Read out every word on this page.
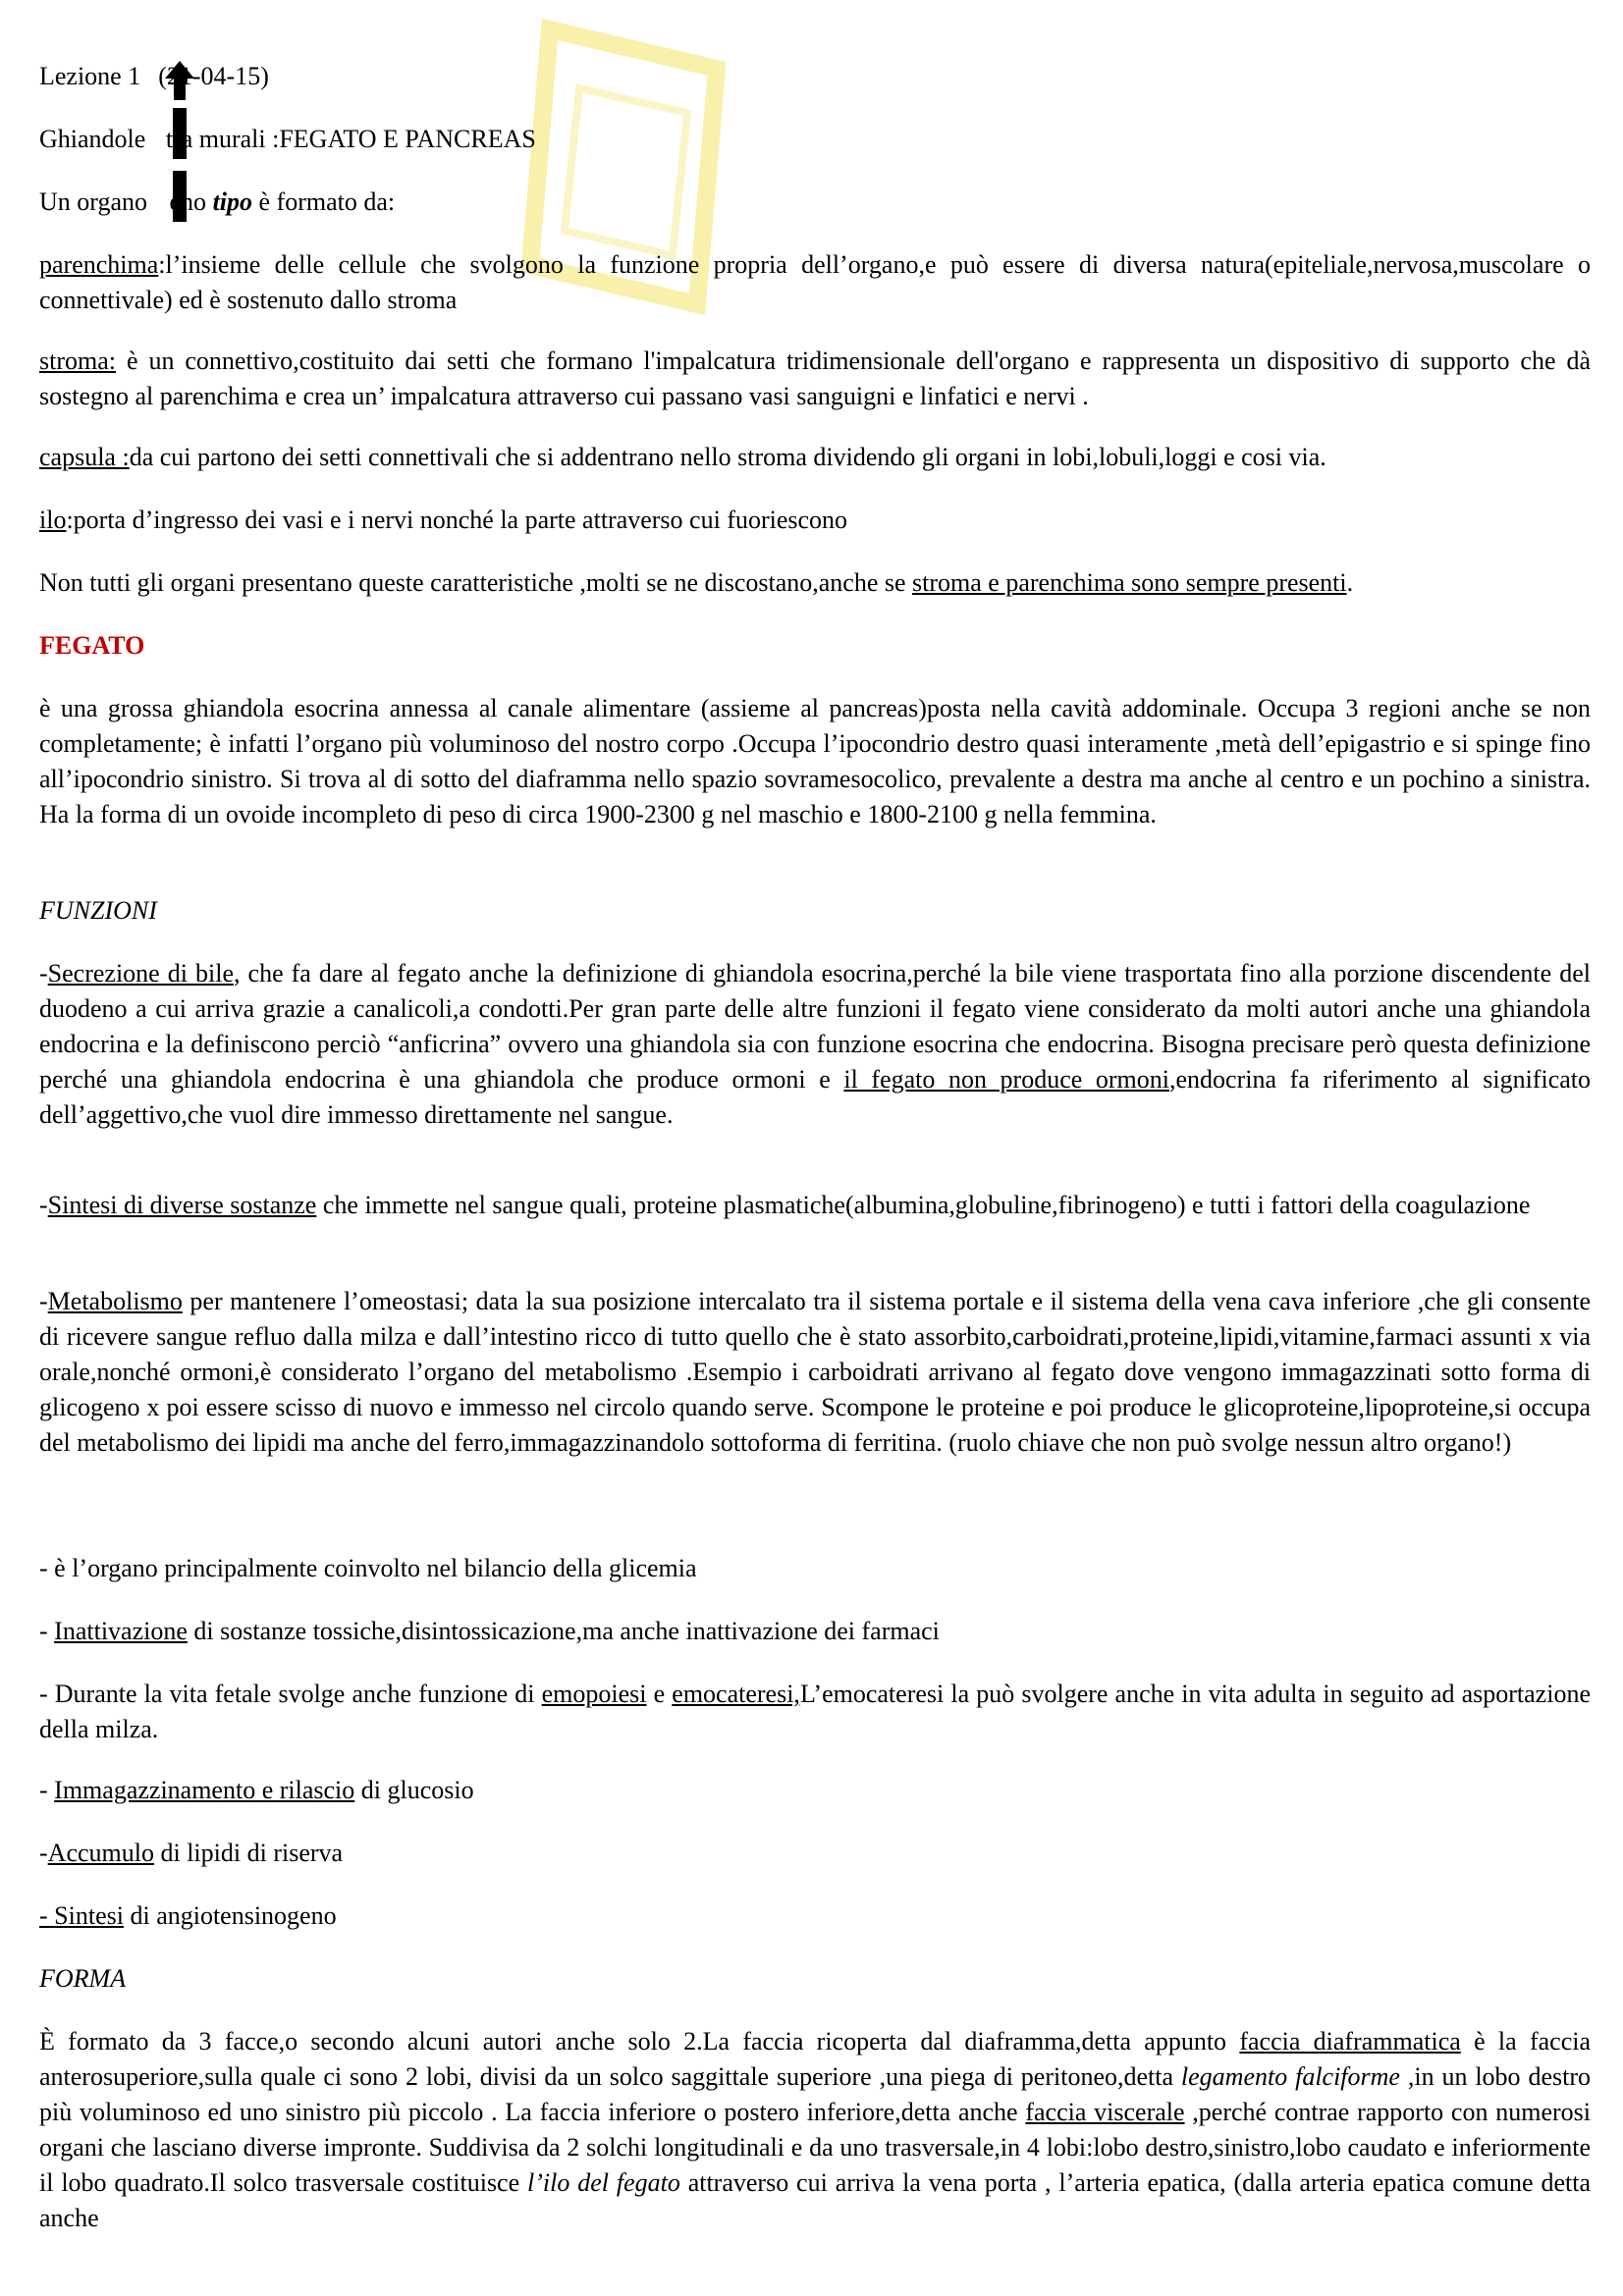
Lezione 1 (21-04-15)

Ghiandole tra murali :FEGATO E PANCREAS

Un organo eno tipo è formato da:

parenchima:l’insieme delle cellule che svolgono la funzione propria dell’organo,e può essere di diversa natura(epiteliale,nervosa,muscolare o connettivale) ed è sostenuto dallo stroma

stroma: è un connettivo,costituito dai setti che formano l'impalcatura tridimensionale dell'organo e rappresenta un dispositivo di supporto che dà sostegno al parenchima e crea un’ impalcatura attraverso cui passano vasi sanguigni e linfatici e nervi .

capsula :da cui partono dei setti connettivali che si addentrano nello stroma dividendo gli organi in lobi,lobuli,loggi e cosi via.

ilo:porta d’ingresso dei vasi e i nervi nonché la parte attraverso cui fuoriescono

Non tutti gli organi presentano queste caratteristiche ,molti se ne discostano,anche se stroma e parenchima sono sempre presenti.

FEGATO

è una grossa ghiandola esocrina annessa al canale alimentare (assieme al pancreas)posta nella cavità addominale. Occupa 3 regioni anche se non completamente; è infatti l’organo più voluminoso del nostro corpo .Occupa l’ipocondrio destro quasi interamente ,metà dell’epigastrio e si spinge fino all’ipocondrio sinistro. Si trova al di sotto del diaframma nello spazio sovramesocolico, prevalente a destra ma anche al centro e un pochino a sinistra. Ha la forma di un ovoide incompleto di peso di circa 1900-2300 g nel maschio e 1800-2100 g nella femmina.

FUNZIONI

-Secrezione di bile, che fa dare al fegato anche la definizione di ghiandola esocrina,perché la bile viene trasportata fino alla porzione discendente del duodeno a cui arriva grazie a canalicoli,a condotti.Per gran parte delle altre funzioni il fegato viene considerato da molti autori anche una ghiandola endocrina e la definiscono perciò “anficrina” ovvero una ghiandola sia con funzione esocrina che endocrina. Bisogna precisare però questa definizione perché una ghiandola endocrina è una ghiandola che produce ormoni e il fegato non produce ormoni,endocrina fa riferimento al significato dell’aggettivo,che vuol dire immesso direttamente nel sangue.

-Sintesi di diverse sostanze che immette nel sangue quali, proteine plasmatiche(albumina,globuline,fibrinogeno) e tutti i fattori della coagulazione

-Metabolismo per mantenere l’omeostasi; data la sua posizione intercalato tra il sistema portale e il sistema della vena cava inferiore ,che gli consente di ricevere sangue refluo dalla milza e dall’intestino ricco di tutto quello che è stato assorbito,carboidrati,proteine,lipidi,vitamine,farmaci assunti x via orale,nonché ormoni,è considerato l’organo del metabolismo .Esempio i carboidrati arrivano al fegato dove vengono immagazzinati sotto forma di glicogeno x poi essere scisso di nuovo e immesso nel circolo quando serve. Scompone le proteine e poi produce le glicoproteine,lipoproteine,si occupa del metabolismo dei lipidi ma anche del ferro,immagazzinandolo sottoforma di ferritina. (ruolo chiave che non può svolge nessun altro organo!)

- è l’organo principalmente coinvolto nel bilancio della glicemia

- Inattivazione di sostanze tossiche,disintossicazione,ma anche inattivazione dei farmaci

- Durante la vita fetale svolge anche funzione di emopoiesi e emocateresi,L’emocateresi la può svolgere anche in vita adulta in seguito ad asportazione della milza.

- Immagazzinamento e rilascio di glucosio

-Accumulo di lipidi di riserva

- Sintesi di angiotensinogeno

FORMA

È formato da 3 facce,o secondo alcuni autori anche solo 2.La faccia ricoperta dal diaframma,detta appunto faccia diaframmatica è la faccia anterosuperiore,sulla quale ci sono 2 lobi, divisi da un solco saggittale superiore ,una piega di peritoneo,detta legamento falciforme ,in un lobo destro più voluminoso ed uno sinistro più piccolo . La faccia inferiore o postero inferiore,detta anche faccia viscerale ,perché contrae rapporto con numerosi organi che lasciano diverse impronte. Suddivisa da 2 solchi longitudinali e da uno trasversale,in 4 lobi:lobo destro,sinistro,lobo caudato e inferiormente il lobo quadrato.Il solco trasversale costituisce l’ilo del fegato attraverso cui arriva la vena porta , l’arteria epatica, (dalla arteria epatica comune detta anche
